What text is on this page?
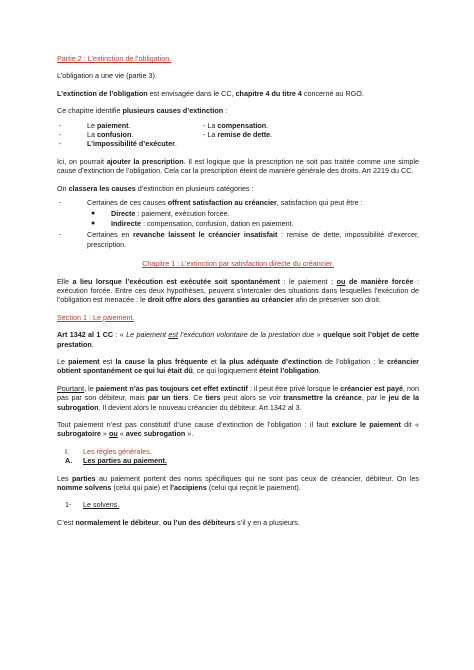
Partie 2 : L’extinction de l’obligation.

L’obligation a une vie (partie 3).

L’extinction de l’obligation est envisagée dans le CC, chapitre 4 du titre 4 concerné au RGO.

Ce chapitre identifie plusieurs causes d’extinction :

-	Le paiement.	- La compensation.
-	La confusion.	- La remise de dette.
-	L’impossibilité d’exécuter.

Ici, on pourrait ajouter la prescription. Il est logique que la prescription ne soit pas traitée comme une simple cause d’extinction de l’obligation. Cela car la prescription éteint de manière générale des droits. Art 2219 du CC.

On classera les causes d’extinction en plusieurs catégories :

-	Certaines de ces causes offrent satisfaction au créancier, satisfaction qui peut être :
●	Directe : paiement, exécution forcée.
●	Indirecte : compensation, confusion, dation en paiement.
-	Certaines en revanche laissent le créancier insatisfait : remise de dette, impossibilité d’exercer, prescription.

Chapitre 1 : L’extinction par satisfaction directe du créancier.

Elle a lieu lorsque l’exécution est exécutée soit spontanément : le paiement ; ou de manière forcée : exécution forcée. Entre ces deux hypothèses, peuvent s’intercaler des situations dans lesquelles l’exécution de l’obligation est menacée : le droit offre alors des garanties au créancier afin de préserver son droit.

Section 1 : Le paiement.

Art 1342 al 1 CC : « Le paiement est l’exécution volontaire de la prestation due » quelque soit l’objet de cette prestation.

Le paiement est la cause la plus fréquente et la plus adéquate d’extinction de l’obligation : le créancier obtient spontanément ce qui lui était dû, ce qui logiquement éteint l’obligation.

Pourtant, le paiement n’as pas toujours cet effet extinctif : il peut être privé lorsque le créancier est payé, non pas par son débiteur, mais par un tiers. Ce tiers peut alors se voir transmettre la créance, par le jeu de la subrogation. Il devient alors le nouveau créancier du débiteur. Art 1342 al 3.

Tout paiement n’est pas constitutif d’une cause d’extinction de l’obligation : il faut exclure le paiement dit « subrogatoire » ou « avec subrogation ».

I. Les règles générales.

A. Les parties au paiement.

Les parties au paiement portent des noms spécifiques qui ne sont pas ceux de créancier, débiteur. On les nomme solvens (celui qui paie) et l’accipiens (celui qui reçoit le paiement).

1- Le solvens.

C’est normalement le débiteur, ou l’un des débiteurs s’il y en a plusieurs.
